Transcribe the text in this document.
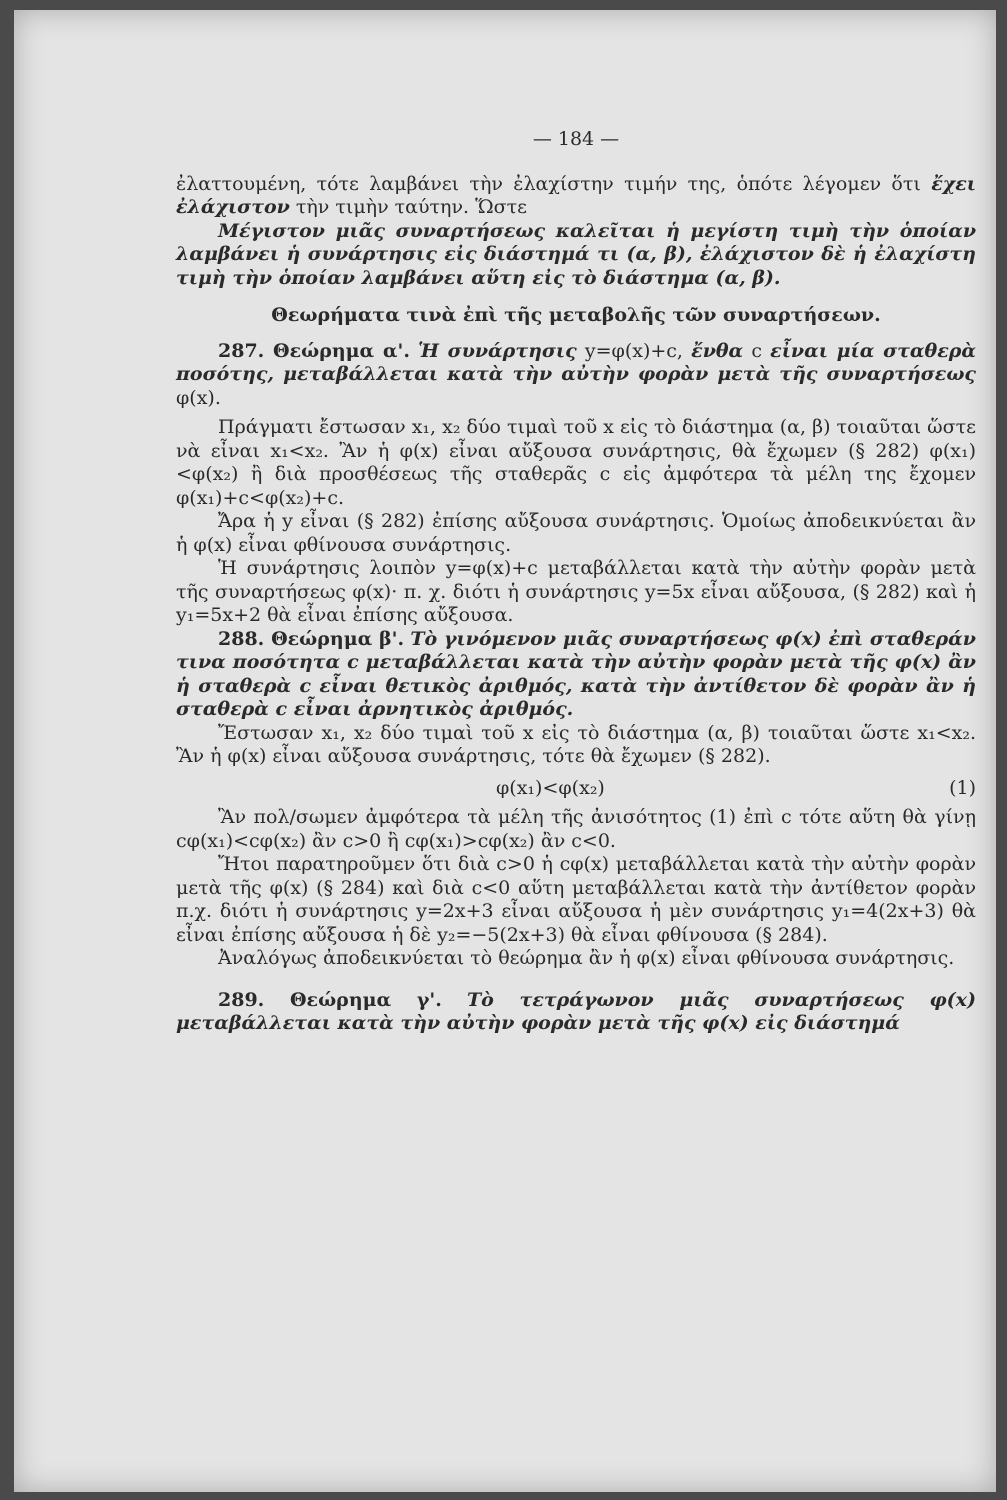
— 184 —

ἐλαττουμένη, τότε λαμβάνει τὴν ἐλαχίστην τιμήν της, ὁπότε λέγομεν ὅτι ἔχει ἐλάχιστον τὴν τιμὴν ταύτην. Ὥστε

Μέγιστον μιᾶς συναρτήσεως καλεῖται ἡ μεγίστη τιμὴ τὴν ὁποίαν λαμβάνει ἡ συνάρτησις εἰς διάστημά τι (α, β), ἐλάχιστον δὲ ἡ ἐλαχίστη τιμὴ τὴν ὁποίαν λαμβάνει αὕτη εἰς τὸ διάστημα (α, β).

Θεωρήματα τινὰ ἐπὶ τῆς μεταβολῆς τῶν συναρτήσεων.

287. Θεώρημα α'. Ἡ συνάρτησις y=φ(x)+c, ἔνθα c εἶναι μία σταθερὰ ποσότης, μεταβάλλεται κατὰ τὴν αὐτὴν φορὰν μετὰ τῆς συναρτήσεως φ(x).

Πράγματι ἔστωσαν x₁, x₂ δύο τιμαὶ τοῦ x εἰς τὸ διάστημα (α, β) τοιαῦται ὥστε νὰ εἶναι x₁<x₂. Ἂν ἡ φ(x) εἶναι αὔξουσα συνάρτησις, θὰ ἔχωμεν (§ 282) φ(x₁)<φ(x₂) ἢ διὰ προσθέσεως τῆς σταθερᾶς c εἰς ἀμφότερα τὰ μέλη της ἔχομεν φ(x₁)+c<φ(x₂)+c.

Ἄρα ἡ y εἶναι (§ 282) ἐπίσης αὔξουσα συνάρτησις. Ὁμοίως ἀποδεικνύεται ἂν ἡ φ(x) εἶναι φθίνουσα συνάρτησις.

Ἡ συνάρτησις λοιπὸν y=φ(x)+c μεταβάλλεται κατὰ τὴν αὐτὴν φορὰν μετὰ τῆς συναρτήσεως φ(x)· π. χ. διότι ἡ συνάρτησις y=5x εἶναι αὔξουσα, (§ 282) καὶ ἡ y₁=5x+2 θὰ εἶναι ἐπίσης αὔξουσα.

288. Θεώρημα β'. Τὸ γινόμενον μιᾶς συναρτήσεως φ(x) ἐπὶ σταθεράν τινα ποσότητα c μεταβάλλεται κατὰ τὴν αὐτὴν φορὰν μετὰ τῆς φ(x) ἂν ἡ σταθερὰ c εἶναι θετικὸς ἀριθμός, κατὰ τὴν ἀντίθετον δὲ φορὰν ἂν ἡ σταθερὰ c εἶναι ἀρνητικὸς ἀριθμός.

Ἔστωσαν x₁, x₂ δύο τιμαὶ τοῦ x εἰς τὸ διάστημα (α, β) τοιαῦται ὥστε x₁<x₂. Ἂν ἡ φ(x) εἶναι αὔξουσα συνάρτησις, τότε θὰ ἔχωμεν (§ 282).

φ(x₁)<φ(x₂)	(1)

Ἂν πολ/σωμεν ἀμφότερα τὰ μέλη τῆς ἀνισότητος (1) ἐπὶ c τότε αὕτη θὰ γίνῃ cφ(x₁)<cφ(x₂) ἂν c>0 ἢ cφ(x₁)>cφ(x₂) ἂν c<0.

Ἤτοι παρατηροῦμεν ὅτι διὰ c>0 ἡ cφ(x) μεταβάλλεται κατὰ τὴν αὐτὴν φορὰν μετὰ τῆς φ(x) (§ 284) καὶ διὰ c<0 αὕτη μεταβάλλεται κατὰ τὴν ἀντίθετον φορὰν π.χ. διότι ἡ συνάρτησις y=2x+3 εἶναι αὔξουσα ἡ μὲν συνάρτησις y₁=4(2x+3) θὰ εἶναι ἐπίσης αὔξουσα ἡ δὲ y₂=−5(2x+3) θὰ εἶναι φθίνουσα (§ 284).

Ἀναλόγως ἀποδεικνύεται τὸ θεώρημα ἂν ἡ φ(x) εἶναι φθίνουσα συνάρτησις.

289. Θεώρημα γ'. Τὸ τετράγωνον μιᾶς συναρτήσεως φ(x) μεταβάλλεται κατὰ τὴν αὐτὴν φορὰν μετὰ τῆς φ(x) εἰς διάστημά
